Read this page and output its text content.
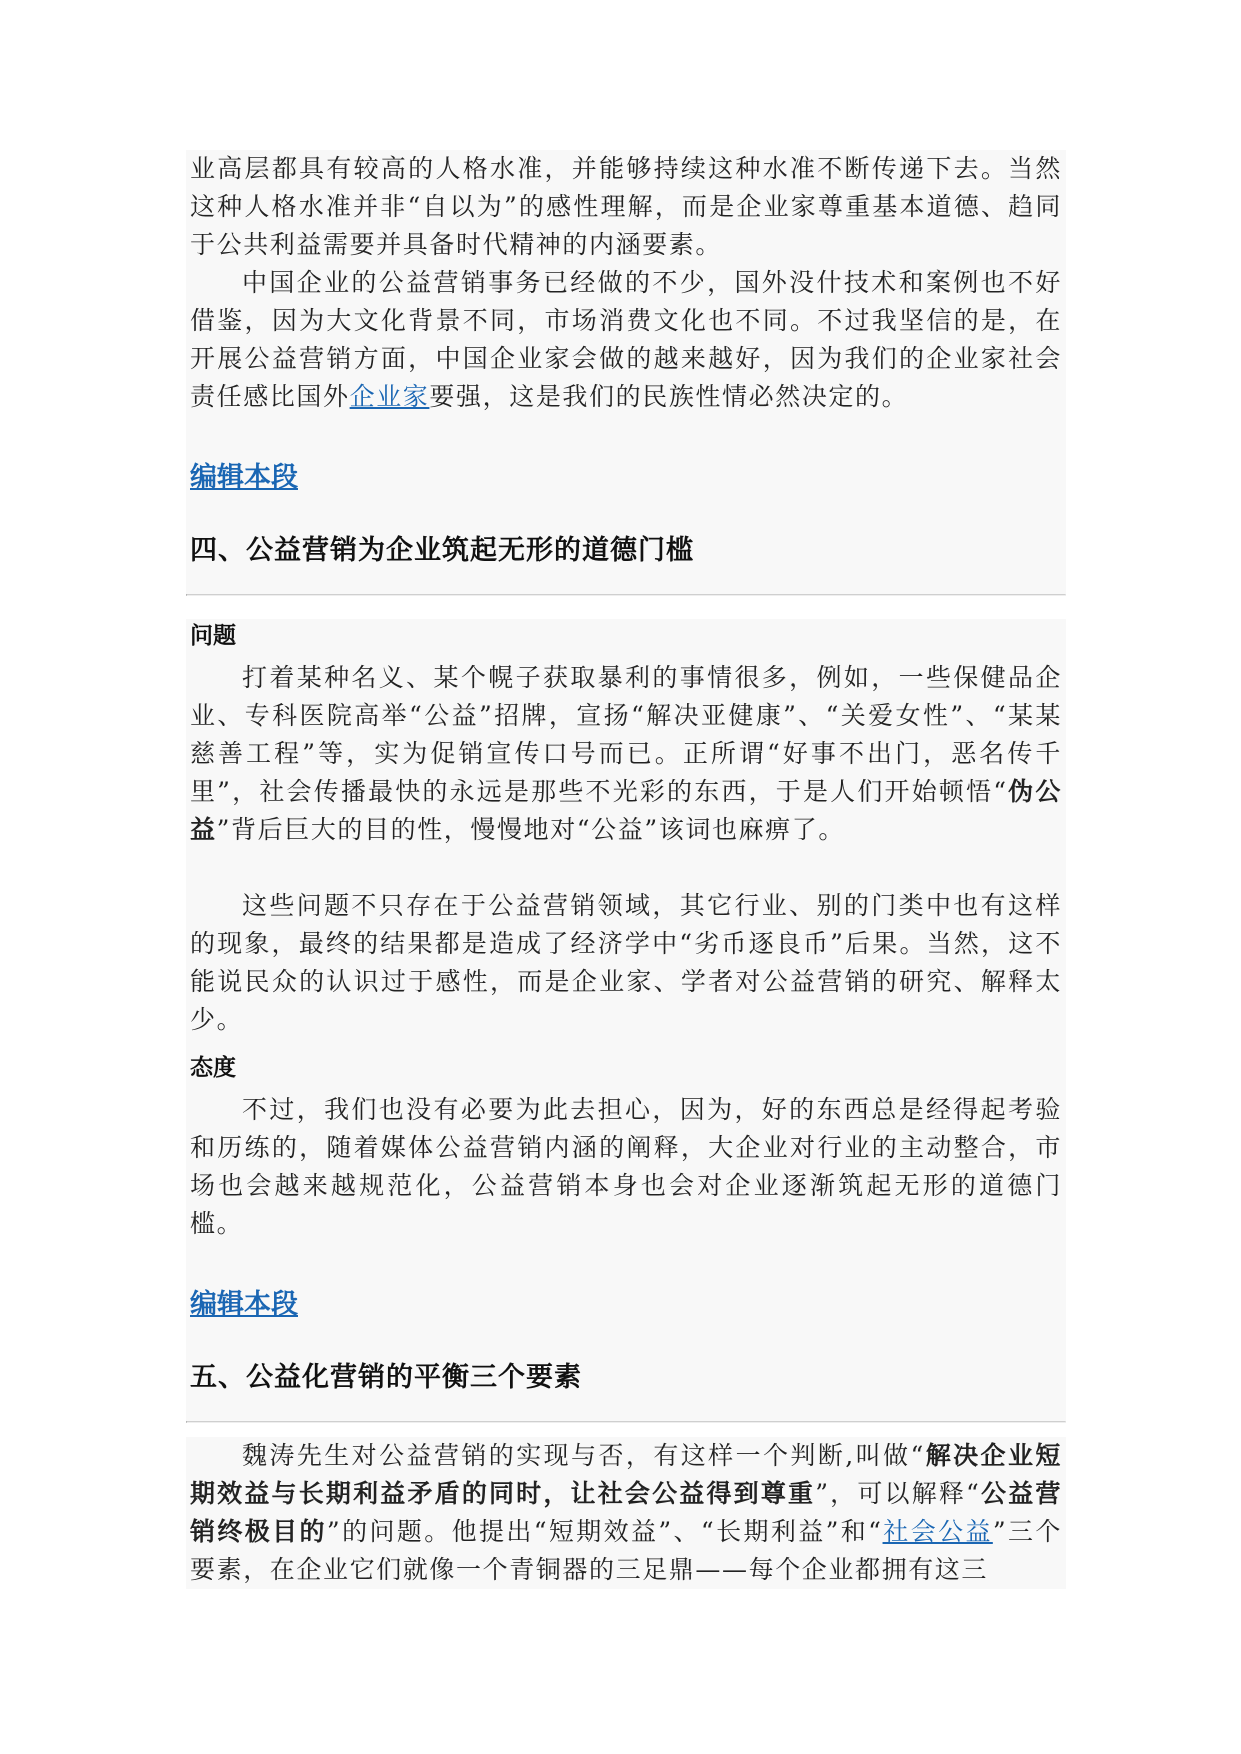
业高层都具有较高的人格水准，并能够持续这种水准不断传递下去。当然这种人格水准并非“自以为”的感性理解，而是企业家尊重基本道德、趋同于公共利益需要并具备时代精神的内涵要素。

中国企业的公益营销事务已经做的不少，国外没什技术和案例也不好借鉴，因为大文化背景不同，市场消费文化也不同。不过我坚信的是，在开展公益营销方面，中国企业家会做的越来越好，因为我们的企业家社会责任感比国外企业家要强，这是我们的民族性情必然决定的。

编辑本段
四、公益营销为企业筑起无形的道德门槛

问题

打着某种名义、某个幌子获取暴利的事情很多，例如，一些保健品企业、专科医院高举“公益”招牌，宣扬“解决亚健康”、“关爱女性”、“某某慈善工程”等，实为促销宣传口号而已。正所谓“好事不出门，恶名传千里”，社会传播最快的永远是那些不光彩的东西，于是人们开始顿悟“伪公益”背后巨大的目的性，慢慢地对“公益”该词也麻痹了。

这些问题不只存在于公益营销领域，其它行业、别的门类中也有这样的现象，最终的结果都是造成了经济学中“劣币逐良币”后果。当然，这不能说民众的认识过于感性，而是企业家、学者对公益营销的研究、解释太少。

态度

不过，我们也没有必要为此去担心，因为，好的东西总是经得起考验和历练的，随着媒体公益营销内涵的阐释，大企业对行业的主动整合，市场也会越来越规范化，公益营销本身也会对企业逐渐筑起无形的道德门槛。

编辑本段
五、公益化营销的平衡三个要素

魏涛先生对公益营销的实现与否，有这样一个判断,叫做“解决企业短期效益与长期利益矛盾的同时，让社会公益得到尊重”，可以解释“公益营销终极目的”的问题。他提出“短期效益”、“长期利益”和“社会公益”三个要素，在企业它们就像一个青铜器的三足鼎——每个企业都拥有这三
